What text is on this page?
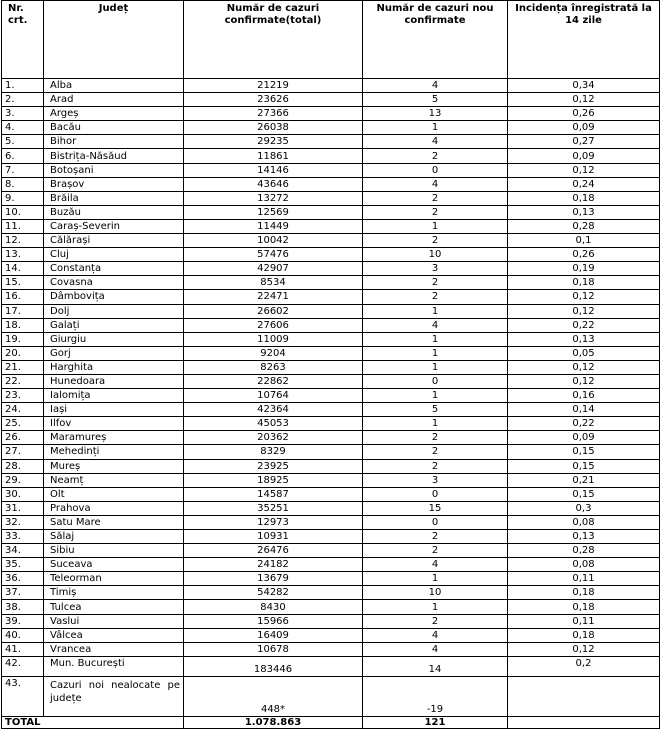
Nr. crt.	Județ	Număr de cazuri confirmate(total)	Număr de cazuri nou confirmate	Incidența înregistrată la 14 zile
1.	Alba	21219	4	0,34
2.	Arad	23626	5	0,12
3.	Argeș	27366	13	0,26
4.	Bacău	26038	1	0,09
5.	Bihor	29235	4	0,27
6.	Bistrița-Năsăud	11861	2	0,09
7.	Botoșani	14146	0	0,12
8.	Brașov	43646	4	0,24
9.	Brăila	13272	2	0,18
10.	Buzău	12569	2	0,13
11.	Caraș-Severin	11449	1	0,28
12.	Călărași	10042	2	0,1
13.	Cluj	57476	10	0,26
14.	Constanța	42907	3	0,19
15.	Covasna	8534	2	0,18
16.	Dâmbovița	22471	2	0,12
17.	Dolj	26602	1	0,12
18.	Galați	27606	4	0,22
19.	Giurgiu	11009	1	0,13
20.	Gorj	9204	1	0,05
21.	Harghita	8263	1	0,12
22.	Hunedoara	22862	0	0,12
23.	Ialomița	10764	1	0,16
24.	Iași	42364	5	0,14
25.	Ilfov	45053	1	0,22
26.	Maramureș	20362	2	0,09
27.	Mehedinți	8329	2	0,15
28.	Mureș	23925	2	0,15
29.	Neamț	18925	3	0,21
30.	Olt	14587	0	0,15
31.	Prahova	35251	15	0,3
32.	Satu Mare	12973	0	0,08
33.	Sălaj	10931	2	0,13
34.	Sibiu	26476	2	0,28
35.	Suceava	24182	4	0,08
36.	Teleorman	13679	1	0,11
37.	Timiș	54282	10	0,18
38.	Tulcea	8430	1	0,18
39.	Vaslui	15966	2	0,11
40.	Vâlcea	16409	4	0,18
41.	Vrancea	10678	4	0,12
42.	Mun. București	183446	14	0,2
43.	Cazuri noi nealocate pe județe	448*	-19	
TOTAL		1.078.863	121	
